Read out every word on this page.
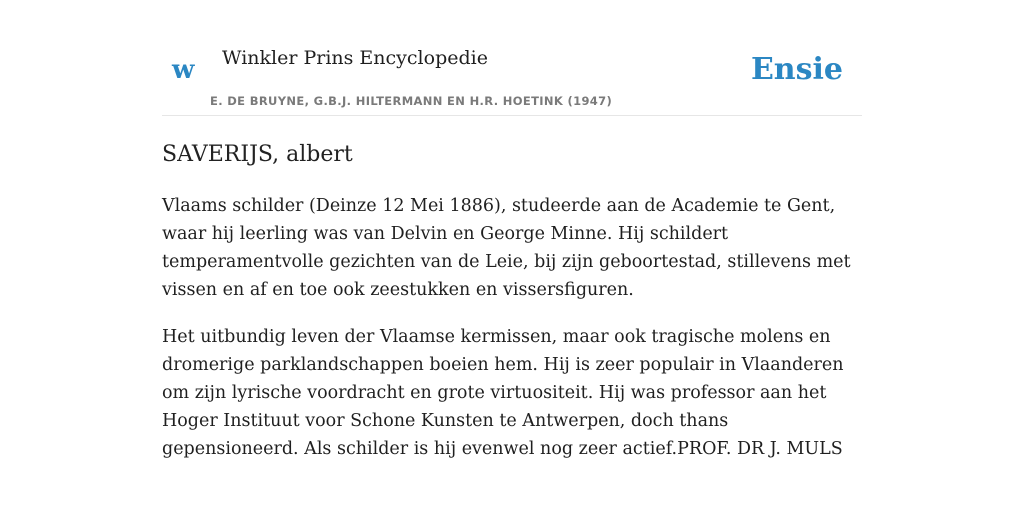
w Winkler Prins Encyclopedie
E. DE BRUYNE, G.B.J. HILTERMANN EN H.R. HOETINK (1947)
Ensie
SAVERIJS, albert

Vlaams schilder (Deinze 12 Mei 1886), studeerde aan de Academie te Gent, waar hij leerling was van Delvin en George Minne. Hij schildert temperamentvolle gezichten van de Leie, bij zijn geboortestad, stillevens met vissen en af en toe ook zeestukken en vissersfiguren.

Het uitbundig leven der Vlaamse kermissen, maar ook tragische molens en dromerige parklandschappen boeien hem. Hij is zeer populair in Vlaanderen om zijn lyrische voordracht en grote virtuositeit. Hij was professor aan het Hoger Instituut voor Schone Kunsten te Antwerpen, doch thans gepensioneerd. Als schilder is hij evenwel nog zeer actief.PROF. DR J. MULS
